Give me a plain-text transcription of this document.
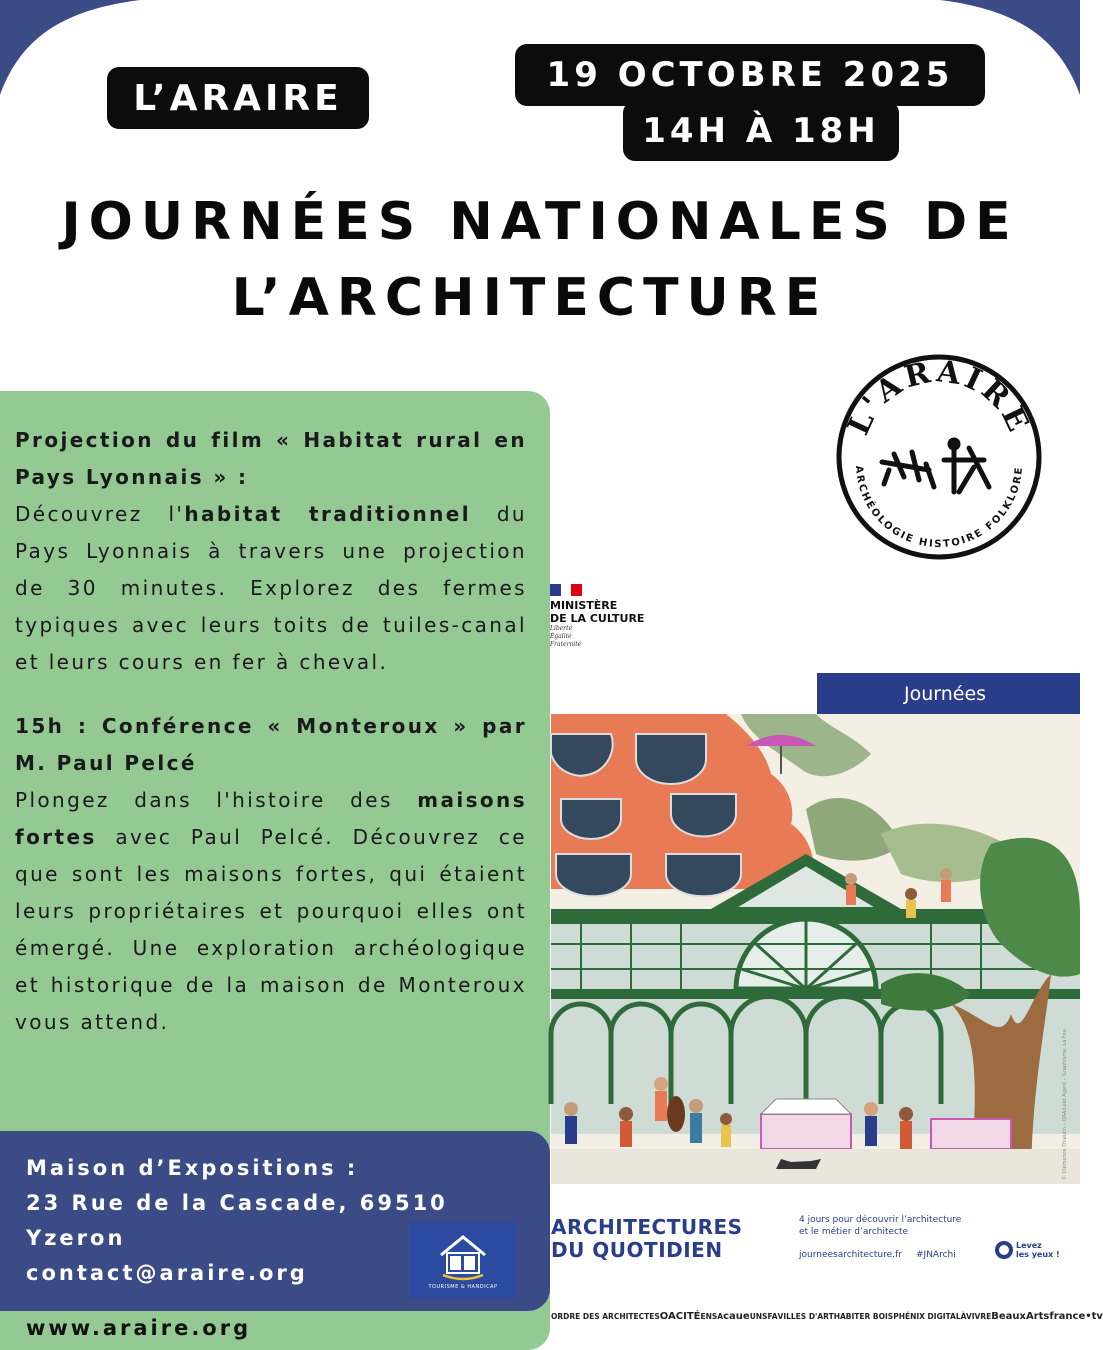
L’ARAIRE
19 OCTOBRE 2025
14H À 18H
JOURNÉES NATIONALES DE
L’ARCHITECTURE
Projection du film « Habitat rural en Pays Lyonnais » :
Découvrez l'habitat traditionnel du Pays Lyonnais à travers une projection de 30 minutes. Explorez des fermes typiques avec leurs toits de tuiles-canal et leurs cours en fer à cheval.
15h : Conférence « Monteroux » par M. Paul Pelcé
Plongez dans l'histoire des maisons fortes avec Paul Pelcé. Découvrez ce que sont les maisons fortes, qui étaient leurs propriétaires et pourquoi elles ont émergé. Une exploration archéologique et historique de la maison de Monteroux vous attend.
Maison d’Expositions :
23 Rue de la Cascade, 69510
Yzeron
contact@araire.org
www.araire.org
TOURISME & HANDICAP
L'ARAIRE
ARCHÉOLOGIE HISTOIRE FOLKLORE
MINISTÈRE
DE LA CULTURE
Liberté
Égalité
Fraternité
Journées
© Clémence Thieulin – DAA/Leet Agent – Graphisme: La Fou
ARCHITECTURES
DU QUOTIDIEN
4 jours pour découvrir l’architecture
et le métier d’architecte
journeesarchitecture.fr #JNArchi
Levez
les yeux !
ORDRE DES ARCHITECTES OA CITÉ ENSA caue UNSFA VILLES D'ART HABITER BOIS PHÉNIX DIGITAL ÀVIVRE BeauxArts france•tv
